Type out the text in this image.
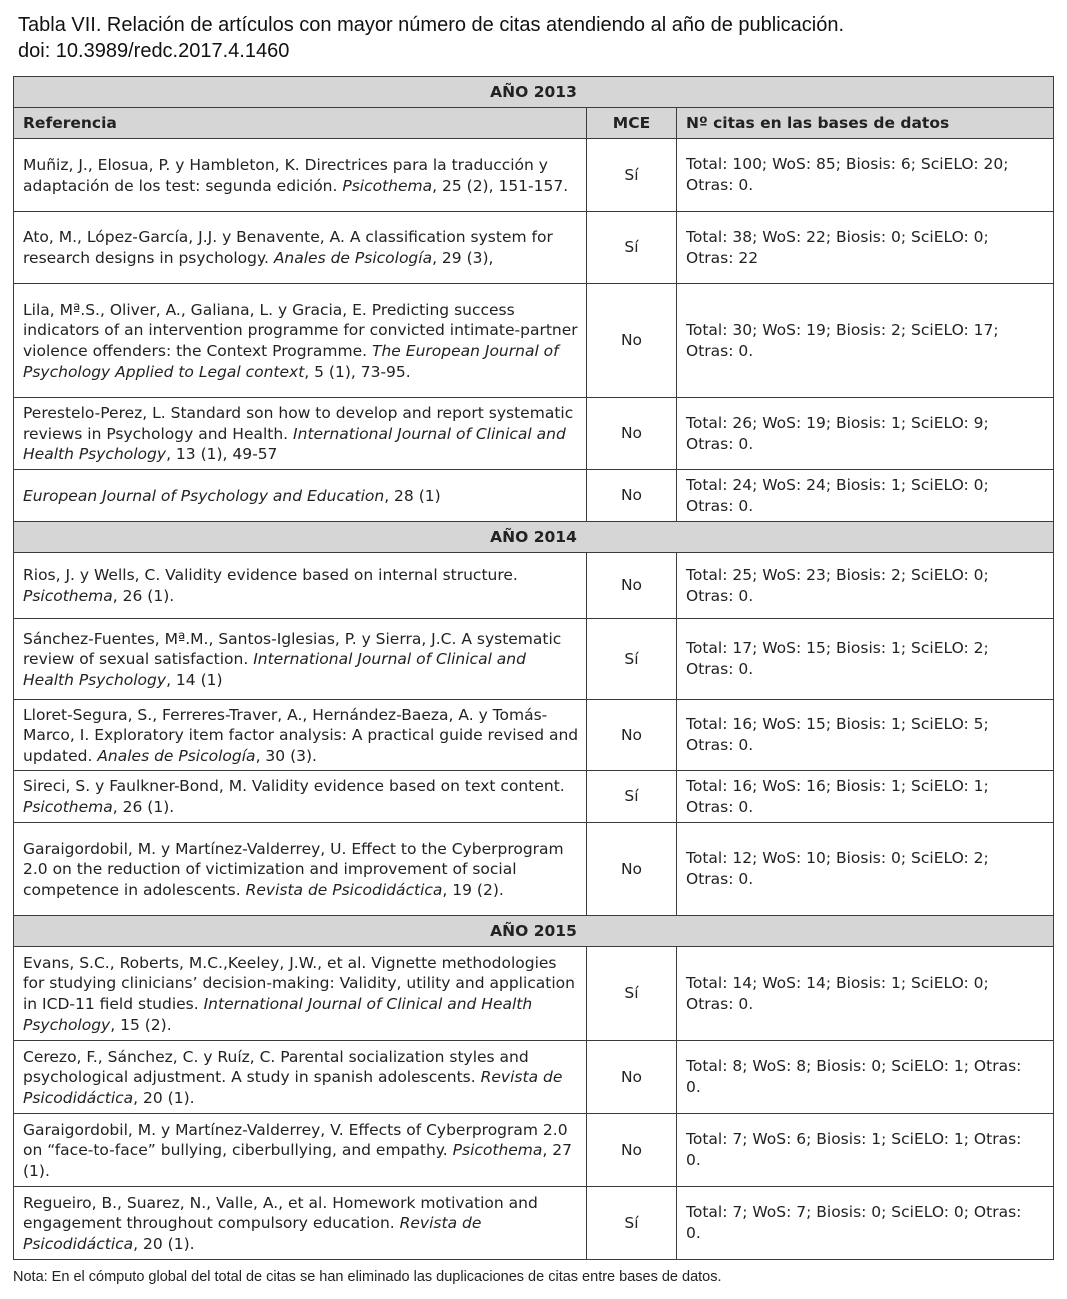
Tabla VII. Relación de artículos con mayor número de citas atendiendo al año de publicación.
doi: 10.3989/redc.2017.4.1460
AÑO 2013		
Referencia	MCE	Nº citas en las bases de datos
Muñiz, J., Elosua, P. y Hambleton, K. Directrices para la traducción y adaptación de los test: segunda edición. Psicothema, 25 (2), 151-157.	Sí	Total: 100; WoS: 85; Biosis: 6; SciELO: 20; Otras: 0.
Ato, M., López-García, J.J. y Benavente, A. A classification system for research designs in psychology. Anales de Psicología, 29 (3),	Sí	Total: 38; WoS: 22; Biosis: 0; SciELO: 0; Otras: 22
Lila, Mª.S., Oliver, A., Galiana, L. y Gracia, E. Predicting success indicators of an intervention programme for convicted intimate-partner violence offenders: the Context Programme. The European Journal of Psychology Applied to Legal context, 5 (1), 73-95.	No	Total: 30; WoS: 19; Biosis: 2; SciELO: 17; Otras: 0.
Perestelo-Perez, L. Standard son how to develop and report systematic reviews in Psychology and Health. International Journal of Clinical and Health Psychology, 13 (1), 49-57	No	Total: 26; WoS: 19; Biosis: 1; SciELO: 9; Otras: 0.
European Journal of Psychology and Education, 28 (1)	No	Total: 24; WoS: 24; Biosis: 1; SciELO: 0; Otras: 0.
AÑO 2014		
Rios, J. y Wells, C. Validity evidence based on internal structure. Psicothema, 26 (1).	No	Total: 25; WoS: 23; Biosis: 2; SciELO: 0; Otras: 0.
Sánchez-Fuentes, Mª.M., Santos-Iglesias, P. y Sierra, J.C. A systematic review of sexual satisfaction. International Journal of Clinical and Health Psychology, 14 (1)	Sí	Total: 17; WoS: 15; Biosis: 1; SciELO: 2; Otras: 0.
Lloret-Segura, S., Ferreres-Traver, A., Hernández-Baeza, A. y Tomás-Marco, I. Exploratory item factor analysis: A practical guide revised and updated. Anales de Psicología, 30 (3).	No	Total: 16; WoS: 15; Biosis: 1; SciELO: 5; Otras: 0.
Sireci, S. y Faulkner-Bond, M. Validity evidence based on text content. Psicothema, 26 (1).	Sí	Total: 16; WoS: 16; Biosis: 1; SciELO: 1; Otras: 0.
Garaigordobil, M. y Martínez-Valderrey, U. Effect to the Cyberprogram 2.0 on the reduction of victimization and improvement of social competence in adolescents. Revista de Psicodidáctica, 19 (2).	No	Total: 12; WoS: 10; Biosis: 0; SciELO: 2; Otras: 0.
AÑO 2015		
Evans, S.C., Roberts, M.C.,Keeley, J.W., et al. Vignette methodologies for studying clinicians’ decision-making: Validity, utility and application in ICD-11 field studies. International Journal of Clinical and Health Psychology, 15 (2).	Sí	Total: 14; WoS: 14; Biosis: 1; SciELO: 0; Otras: 0.
Cerezo, F., Sánchez, C. y Ruíz, C. Parental socialization styles and psychological adjustment. A study in spanish adolescents. Revista de Psicodidáctica, 20 (1).	No	Total: 8; WoS: 8; Biosis: 0; SciELO: 1; Otras: 0.
Garaigordobil, M. y Martínez-Valderrey, V. Effects of Cyberprogram 2.0 on “face-to-face” bullying, ciberbullying, and empathy. Psicothema, 27 (1).	No	Total: 7; WoS: 6; Biosis: 1; SciELO: 1; Otras: 0.
Regueiro, B., Suarez, N., Valle, A., et al. Homework motivation and engagement throughout compulsory education. Revista de Psicodidáctica, 20 (1).	Sí	Total: 7; WoS: 7; Biosis: 0; SciELO: 0; Otras: 0.
Nota: En el cómputo global del total de citas se han eliminado las duplicaciones de citas entre bases de datos.
